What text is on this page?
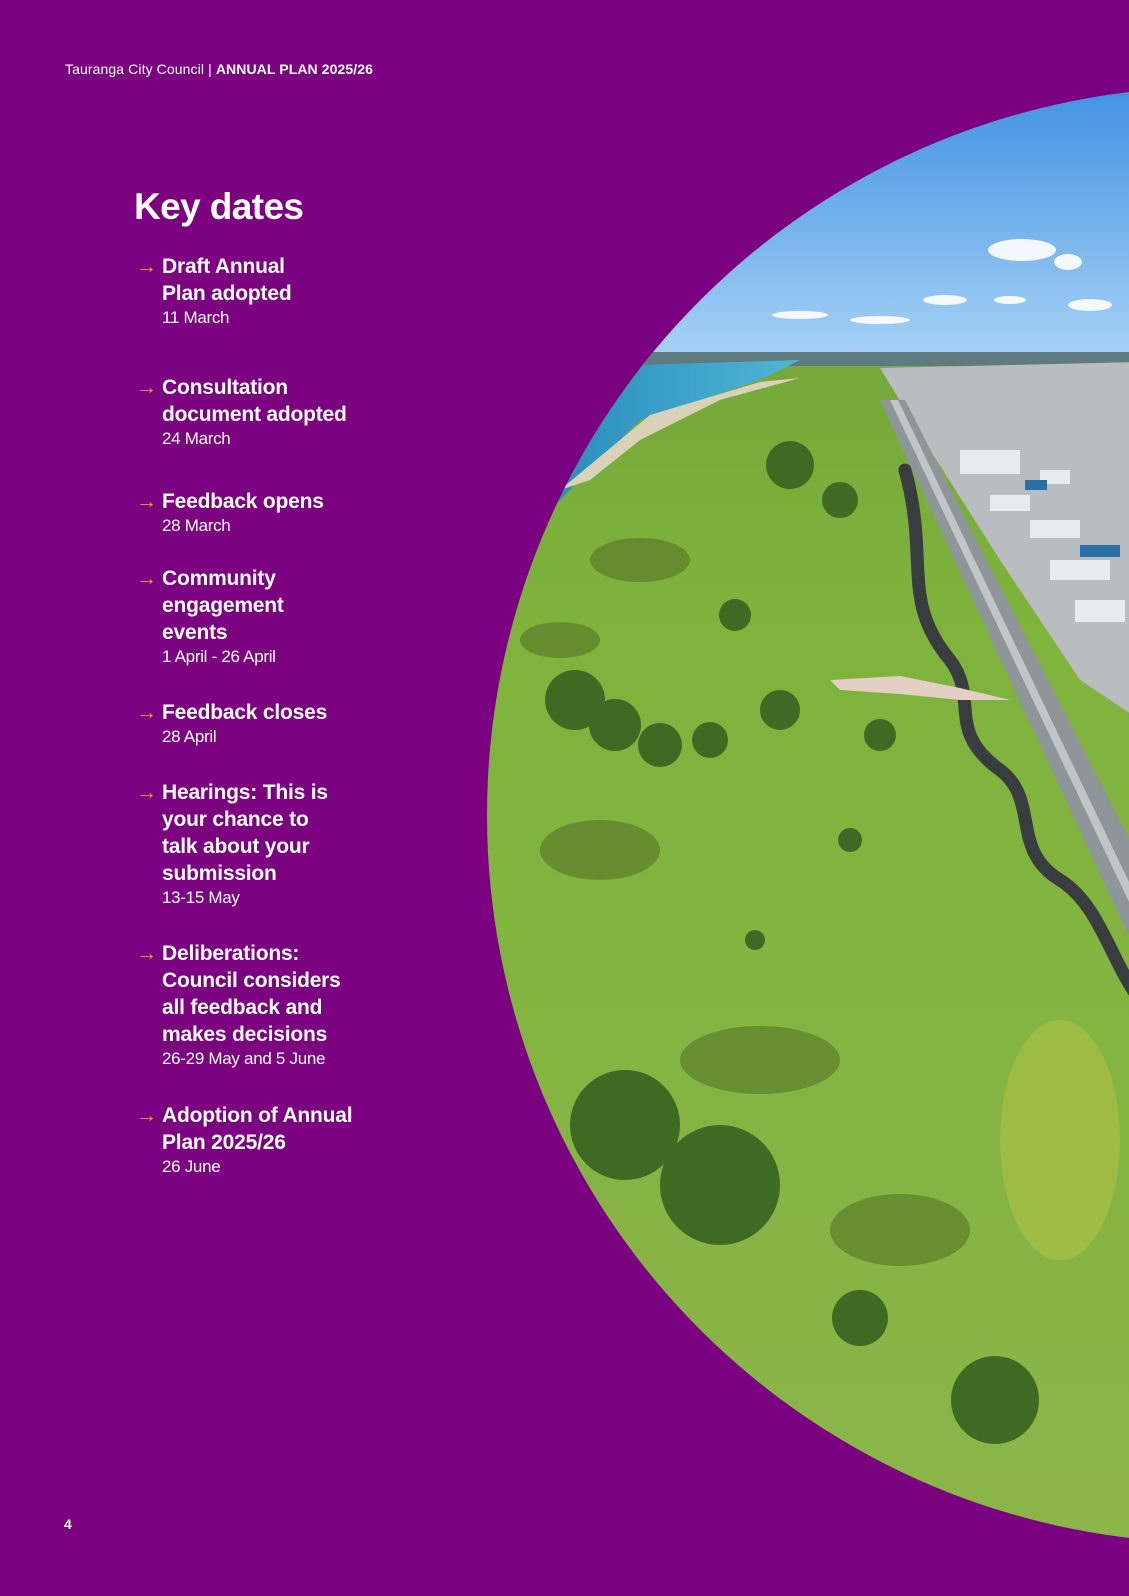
Tauranga City Council | ANNUAL PLAN 2025/26
Key dates
→ Draft Annual
Plan adopted
11 March
→ Consultation
document adopted
24 March
→ Feedback opens
28 March
→ Community
engagement
events
1 April - 26 April
→ Feedback closes
28 April
→ Hearings: This is
your chance to
talk about your
submission
13-15 May
→ Deliberations:
Council considers
all feedback and
makes decisions
26-29 May and 5 June
→ Adoption of Annual
Plan 2025/26
26 June
4
